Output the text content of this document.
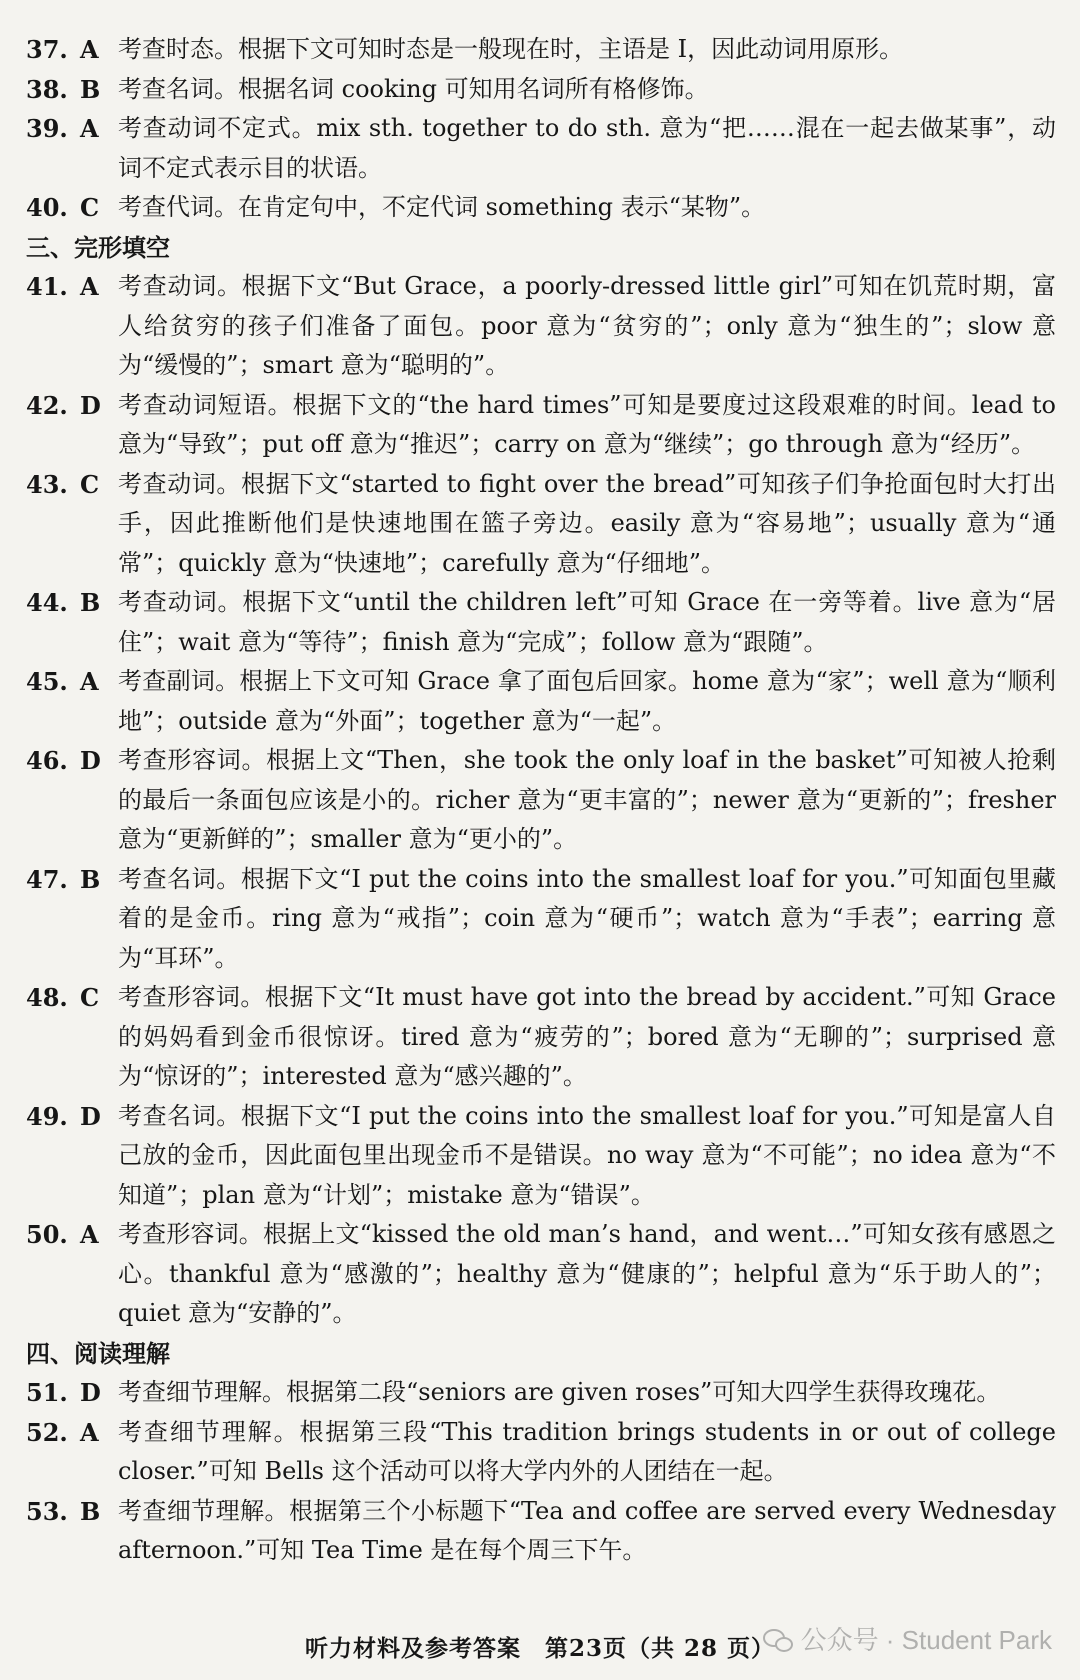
37. A 考查时态。根据下文可知时态是一般现在时，主语是 I，因此动词用原形。
38. B 考查名词。根据名词 cooking 可知用名词所有格修饰。
39. A 考查动词不定式。mix sth. together to do sth. 意为“把……混在一起去做某事”，动词不定式表示目的状语。
40. C 考查代词。在肯定句中，不定代词 something 表示“某物”。

三、完形填空

41. A 考查动词。根据下文“But Grace，a poorly-dressed little girl”可知在饥荒时期，富人给贫穷的孩子们准备了面包。poor 意为“贫穷的”；only 意为“独生的”；slow 意为“缓慢的”；smart 意为“聪明的”。
42. D 考查动词短语。根据下文的“the hard times”可知是要度过这段艰难的时间。lead to 意为“导致”；put off 意为“推迟”；carry on 意为“继续”；go through 意为“经历”。
43. C 考查动词。根据下文“started to fight over the bread”可知孩子们争抢面包时大打出手，因此推断他们是快速地围在篮子旁边。easily 意为“容易地”；usually 意为“通常”；quickly 意为“快速地”；carefully 意为“仔细地”。
44. B 考查动词。根据下文“until the children left”可知 Grace 在一旁等着。live 意为“居住”；wait 意为“等待”；finish 意为“完成”；follow 意为“跟随”。
45. A 考查副词。根据上下文可知 Grace 拿了面包后回家。home 意为“家”；well 意为“顺利地”；outside 意为“外面”；together 意为“一起”。
46. D 考查形容词。根据上文“Then，she took the only loaf in the basket”可知被人抢剩的最后一条面包应该是小的。richer 意为“更丰富的”；newer 意为“更新的”；fresher 意为“更新鲜的”；smaller 意为“更小的”。
47. B 考查名词。根据下文“I put the coins into the smallest loaf for you.”可知面包里藏着的是金币。ring 意为“戒指”；coin 意为“硬币”；watch 意为“手表”；earring 意为“耳环”。
48. C 考查形容词。根据下文“It must have got into the bread by accident.”可知 Grace 的妈妈看到金币很惊讶。tired 意为“疲劳的”；bored 意为“无聊的”；surprised 意为“惊讶的”；interested 意为“感兴趣的”。
49. D 考查名词。根据下文“I put the coins into the smallest loaf for you.”可知是富人自己放的金币，因此面包里出现金币不是错误。no way 意为“不可能”；no idea 意为“不知道”；plan 意为“计划”；mistake 意为“错误”。
50. A 考查形容词。根据上文“kissed the old man’s hand，and went…”可知女孩有感恩之心。thankful 意为“感激的”；healthy 意为“健康的”；helpful 意为“乐于助人的”；quiet 意为“安静的”。

四、阅读理解

51. D 考查细节理解。根据第二段“seniors are given roses”可知大四学生获得玫瑰花。
52. A 考查细节理解。根据第三段“This tradition brings students in or out of college closer.”可知 Bells 这个活动可以将大学内外的人团结在一起。
53. B 考查细节理解。根据第三个小标题下“Tea and coffee are served every Wednesday afternoon.”可知 Tea Time 是在每个周三下午。
听力材料及参考答案　第23页（共 28 页） 公众号 · Student Park
